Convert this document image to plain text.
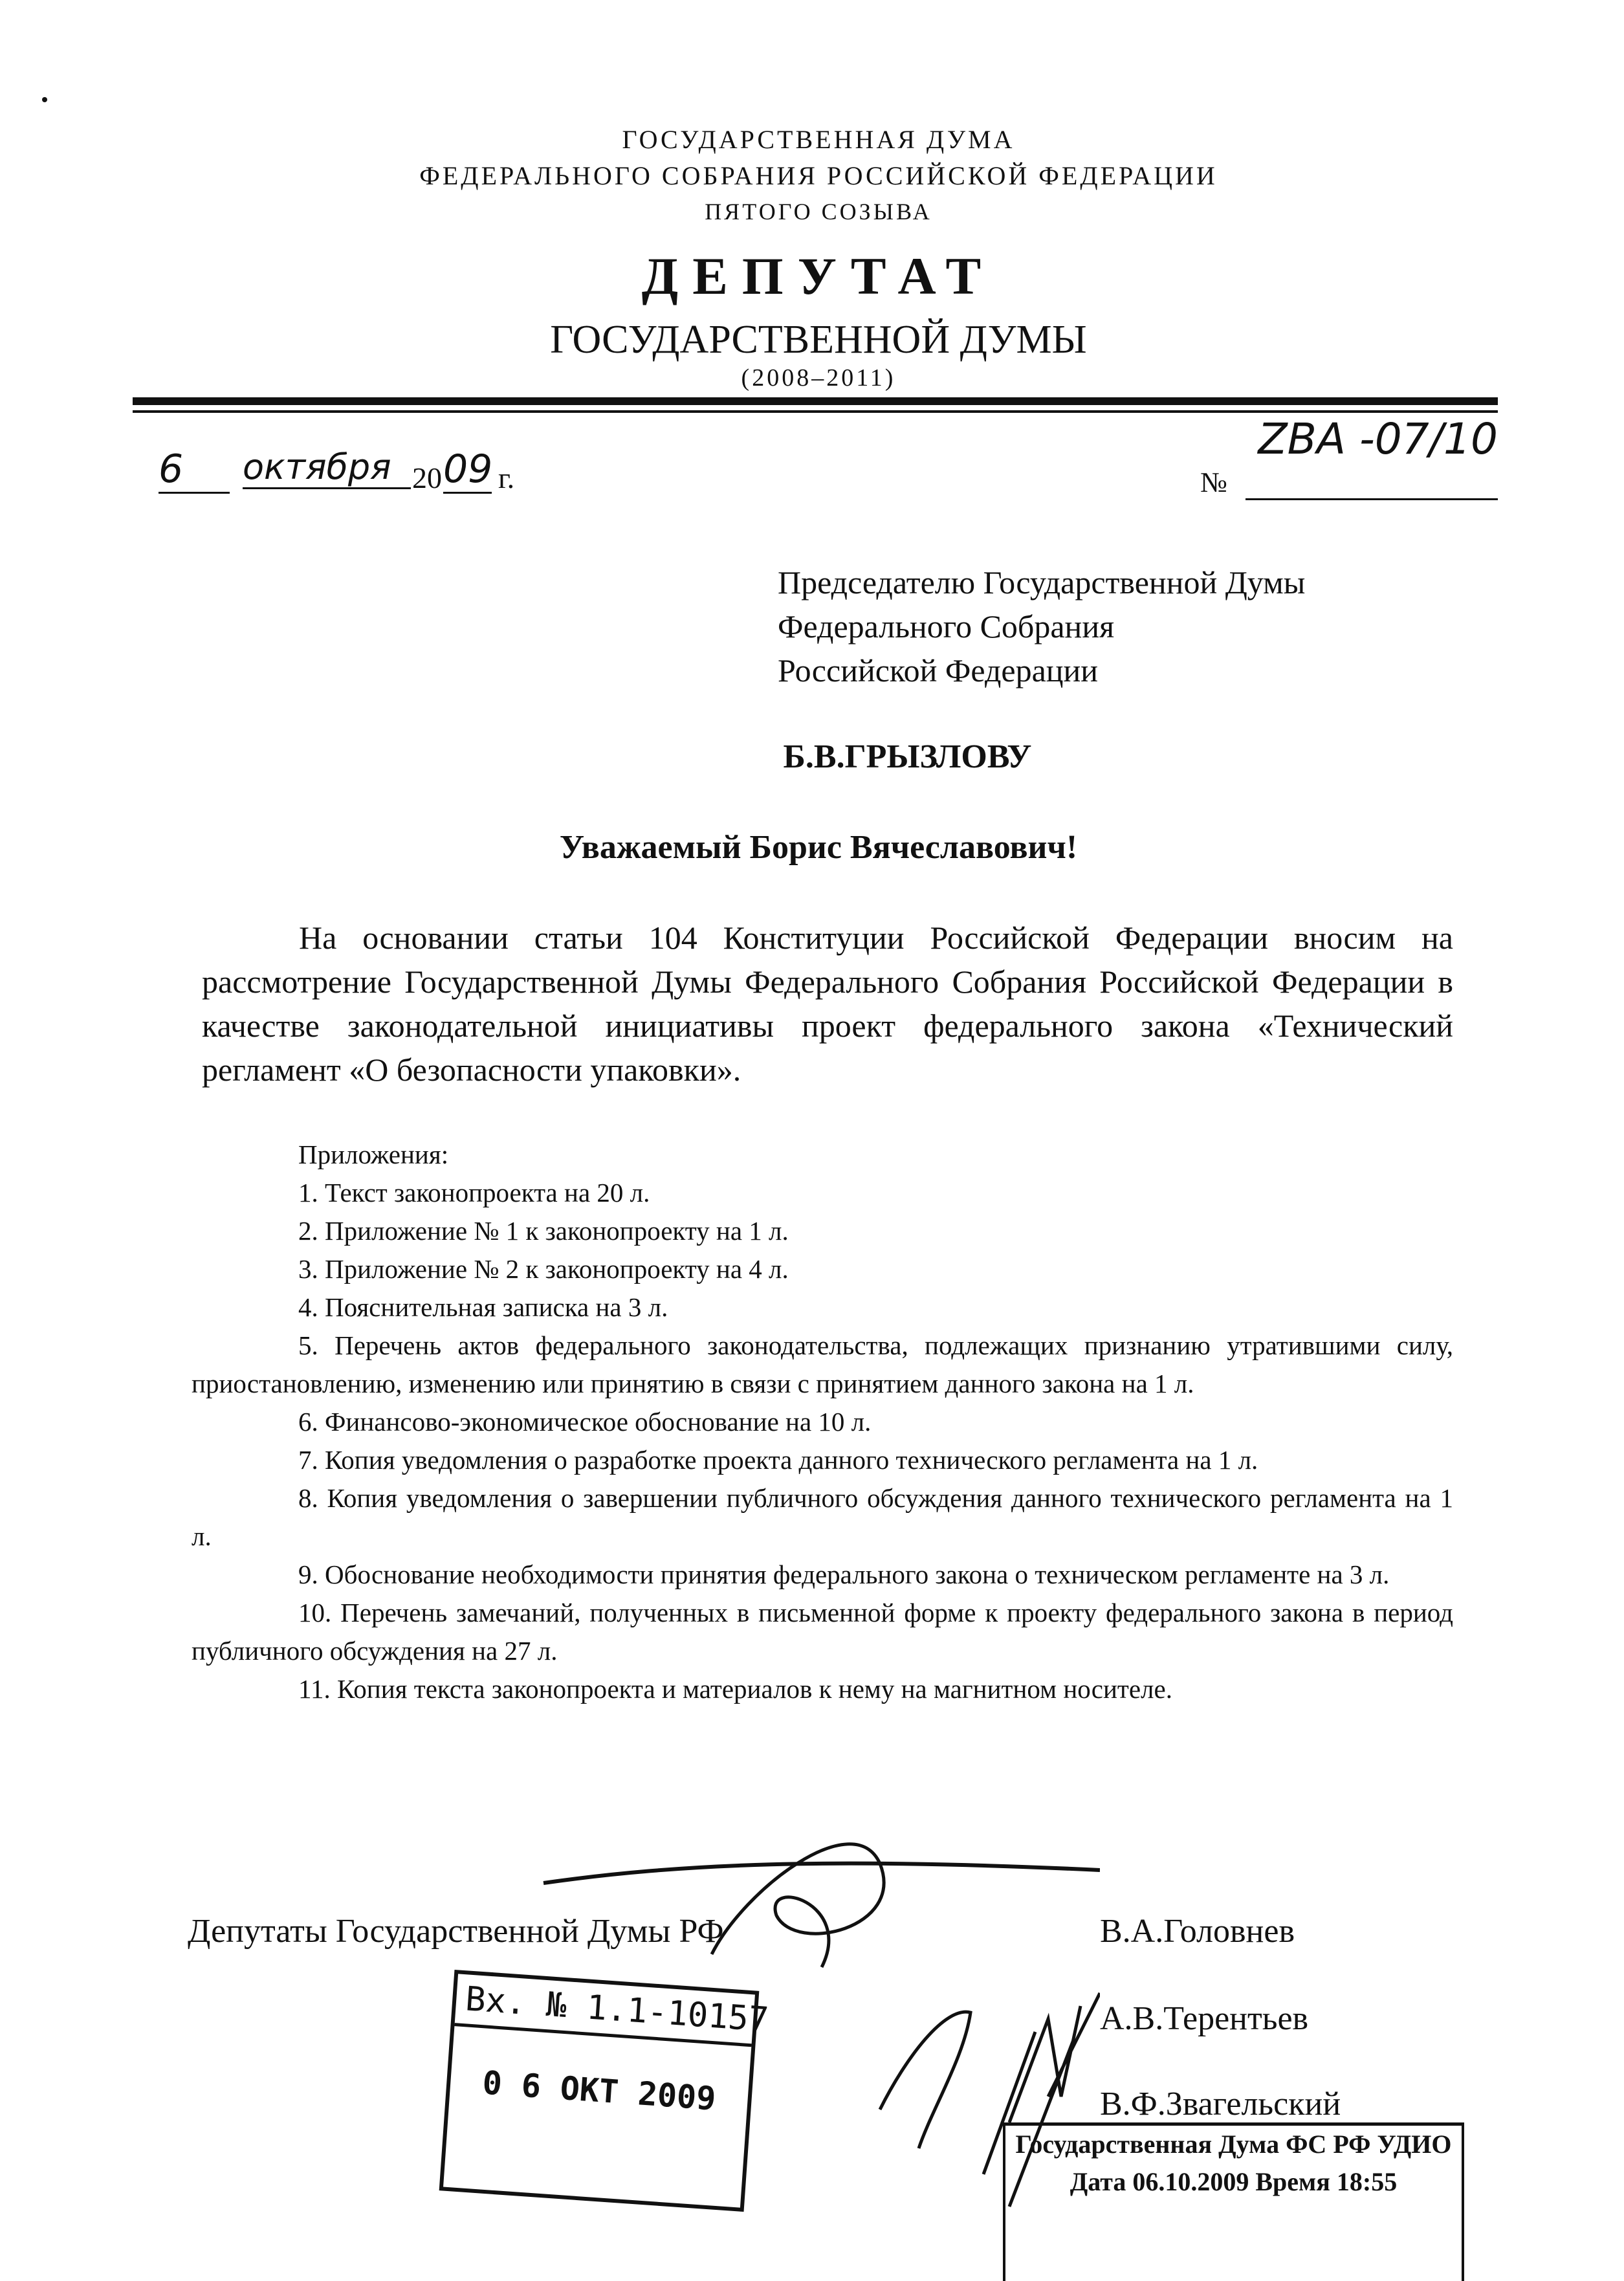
ГОСУДАРСТВЕННАЯ ДУМА
ФЕДЕРАЛЬНОГО СОБРАНИЯ РОССИЙСКОЙ ФЕДЕРАЦИИ
ПЯТОГО СОЗЫВА
ДЕПУТАТ
ГОСУДАРСТВЕННОЙ ДУМЫ
(2008–2011)
6	октября 20 09 г.	№
ZBA -07/10
Председателю Государственной Думы
Федерального Собрания
Российской Федерации
Б.В.ГРЫЗЛОВУ
Уважаемый Борис Вячеславович!

На основании статьи 104 Конституции Российской Федерации вносим на рассмотрение Государственной Думы Федерального Собрания Российской Федерации в качестве законодательной инициативы проект федерального закона «Технический регламент «О безопасности упаковки».

Приложения:
1. Текст законопроекта на 20 л.
2. Приложение № 1 к законопроекту на 1 л.
3. Приложение № 2 к законопроекту на 4 л.
4. Пояснительная записка на 3 л.
5. Перечень актов федерального законодательства, подлежащих признанию утратившими силу, приостановлению, изменению или принятию в связи с принятием данного закона на 1 л.
6. Финансово-экономическое обоснование на 10 л.
7. Копия уведомления о разработке проекта данного технического регламента на 1 л.
8. Копия уведомления о завершении публичного обсуждения данного технического регламента на 1 л.
9. Обоснование необходимости принятия федерального закона о техническом регламенте на 3 л.
10. Перечень замечаний, полученных в письменной форме к проекту федерального закона в период публичного обсуждения на 27 л.
11. Копия текста законопроекта и материалов к нему на магнитном носителе.
Депутаты Государственной Думы РФ	В.А.Головнев
А.В.Терентьев
В.Ф.Звагельский
Вх. № 1.1-10157
0 6 ОКТ 2009
Государственная Дума ФС РФ УДИО
Дата 06.10.2009 Время 18:55
